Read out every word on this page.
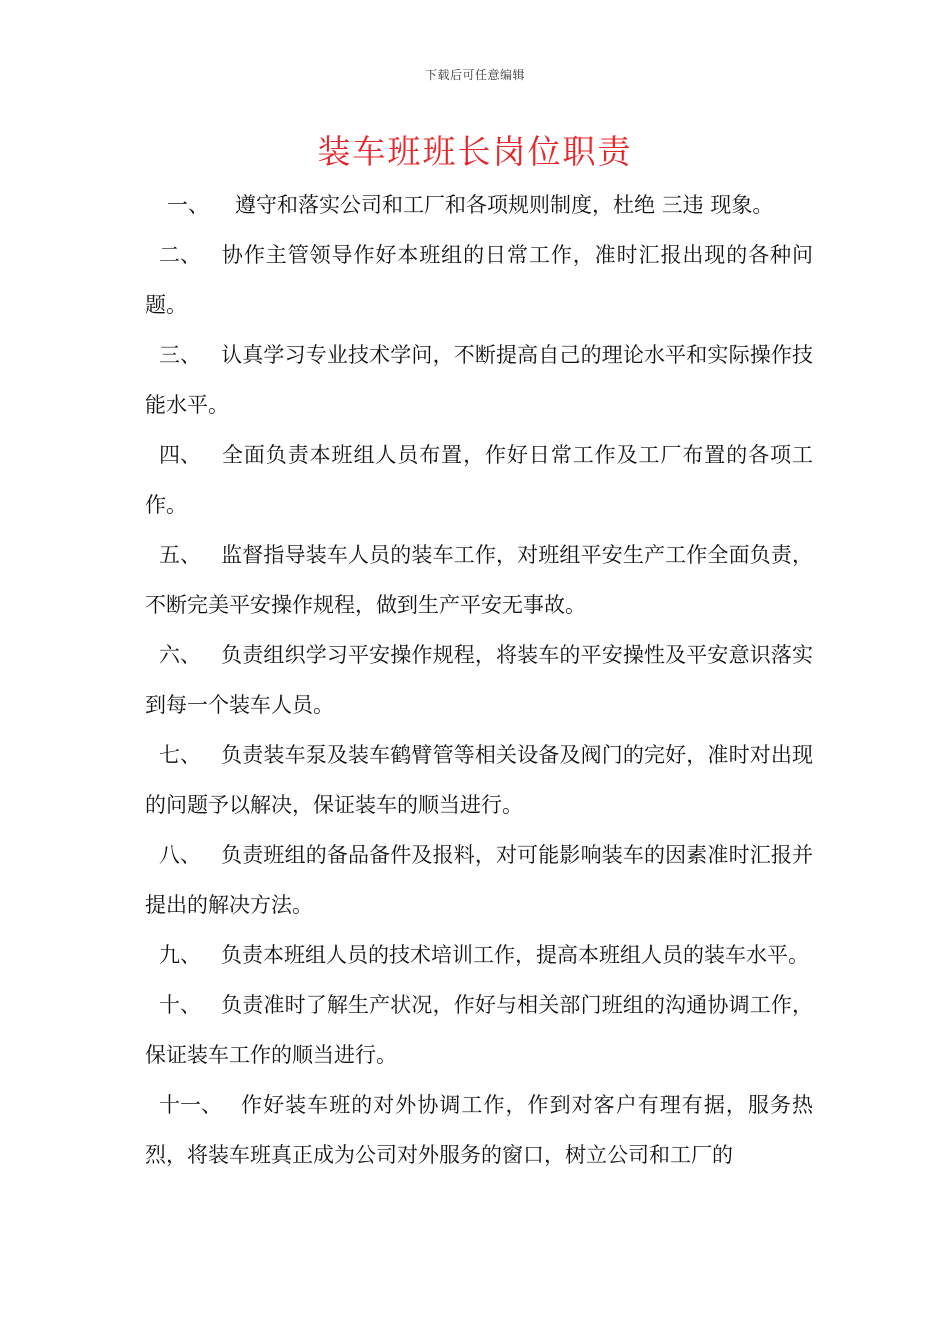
下载后可任意编辑
装车班班长岗位职责

一、 遵守和落实公司和工厂和各项规则制度，杜绝 三违 现象。

二、 协作主管领导作好本班组的日常工作，准时汇报出现的各种问题。

三、 认真学习专业技术学问，不断提高自己的理论水平和实际操作技能水平。

四、 全面负责本班组人员布置，作好日常工作及工厂布置的各项工作。

五、 监督指导装车人员的装车工作，对班组平安生产工作全面负责，不断完美平安操作规程，做到生产平安无事故。

六、 负责组织学习平安操作规程，将装车的平安操性及平安意识落实到每一个装车人员。

七、 负责装车泵及装车鹤臂管等相关设备及阀门的完好，准时对出现的问题予以解决，保证装车的顺当进行。

八、 负责班组的备品备件及报料，对可能影响装车的因素准时汇报并提出的解决方法。

九、 负责本班组人员的技术培训工作，提高本班组人员的装车水平。

十、 负责准时了解生产状况，作好与相关部门班组的沟通协调工作，保证装车工作的顺当进行。

十一、 作好装车班的对外协调工作，作到对客户有理有据，服务热烈，将装车班真正成为公司对外服务的窗口，树立公司和工厂的
